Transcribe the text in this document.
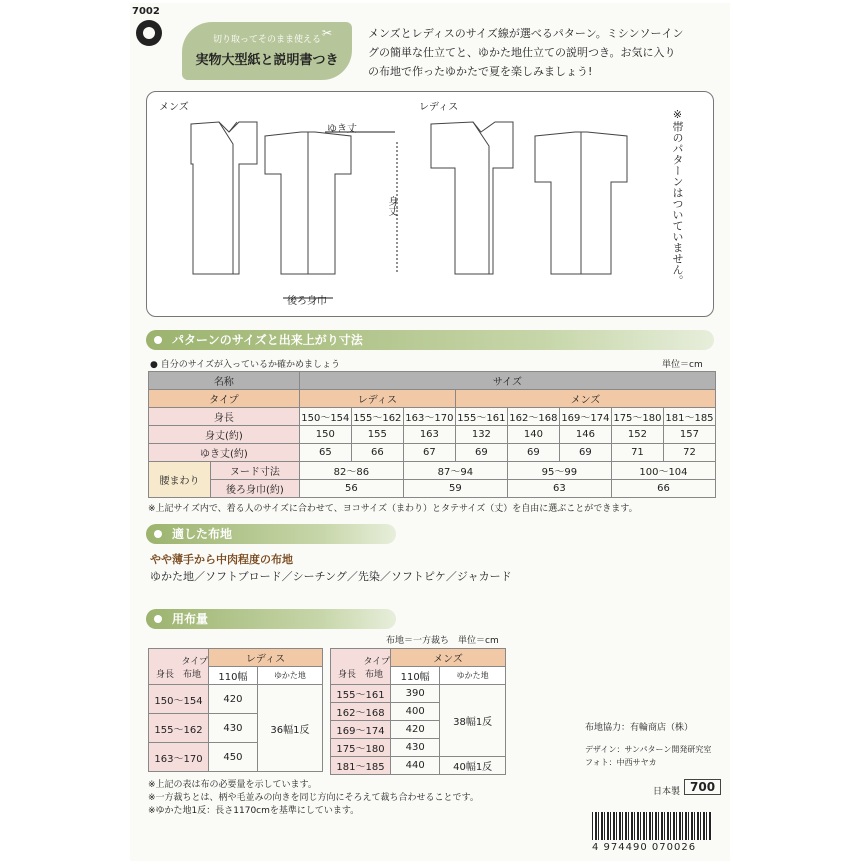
7002
切り取ってそのまま使える
実物大型紙と説明書つき
✂	メンズとレディスのサイズ線が選べるパターン。ミシンソーイン
グの簡単な仕立てと、ゆかた地仕立ての説明つき。お気に入り
の布地で作ったゆかたで夏を楽しみましょう!
メンズ	レディス
ゆき丈
身丈
後ろ身巾
※帯のパターンはついていません。
パターンのサイズと出来上がり寸法
● 自分のサイズが入っているか確かめましょう	単位＝cm
名称		サイズ							
タイプ		レディス			メンズ				
身長		150〜154	155〜162	163〜170	155〜161	162〜168	169〜174	175〜180	181〜185
身丈(約)		150	155	163	132	140	146	152	157
ゆき丈(約)		65	66	67	69	69	69	71	72
腰まわり	ヌード寸法	82〜86		87〜94		95〜99		100〜104	
	後ろ身巾(約)	56		59		63		66	
※上記サイズ内で、着る人のサイズに合わせて、ヨコサイズ（まわり）とタテサイズ（丈）を自由に選ぶことができます。
適した布地
やや薄手から中肉程度の布地
ゆかた地／ソフトブロード／シーチング／先染／ソフトピケ／ジャカード
用布量
布地＝一方裁ち　単位＝cm
タイプ
身長　 布地	レディス	
	110幅	ゆかた地
150〜154	420	36幅1反
155〜162	430	
163〜170	450	
タイプ
身長　 布地	メンズ	
	110幅	ゆかた地
155〜161	390	38幅1反
162〜168	400	
169〜174	420	
175〜180	430	
181〜185	440	40幅1反
※上記の表は布の必要量を示しています。
※一方裁ちとは、柄や毛並みの向きを同じ方向にそろえて裁ち合わせることです。
※ゆかた地1反：長さ1170cmを基準にしています。
布地協力：有輪商店（株）
デザイン：サンパターン開発研究室
フォト：中西サヤカ
日本製 700
4 974490 070026
